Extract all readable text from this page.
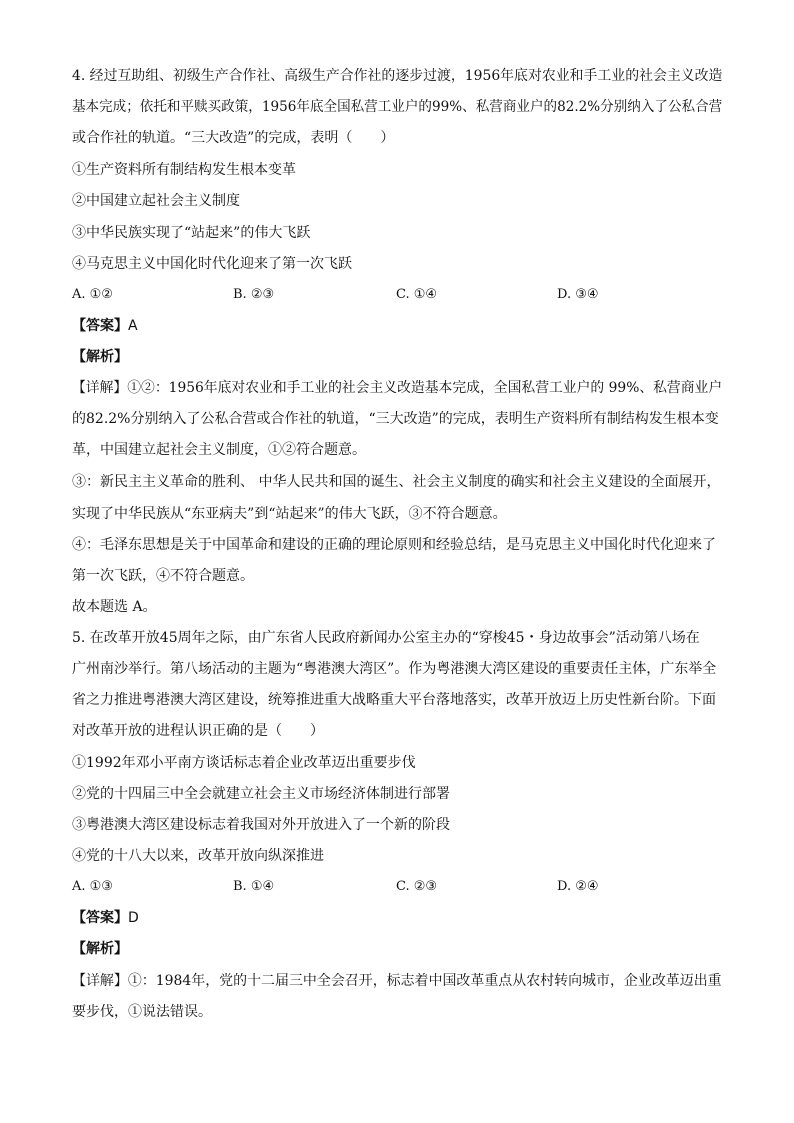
4. 经过互助组、初级生产合作社、高级生产合作社的逐步过渡，1956年底对农业和手工业的社会主义改造
基本完成；依托和平赎买政策，1956年底全国私营工业户的99%、私营商业户的82.2%分别纳入了公私合营
或合作社的轨道。“三大改造”的完成，表明（　　）
①生产资料所有制结构发生根本变革
②中国建立起社会主义制度
③中华民族实现了“站起来”的伟大飞跃
④马克思主义中国化时代化迎来了第一次飞跃
A. ①②	B. ②③	C. ①④	D. ③④
【答案】A
【解析】
【详解】①②：1956年底对农业和手工业的社会主义改造基本完成，全国私营工业户的 99%、私营商业户
的82.2%分别纳入了公私合营或合作社的轨道，“三大改造”的完成，表明生产资料所有制结构发生根本变
革，中国建立起社会主义制度，①②符合题意。
③：新民主主义革命的胜利、 中华人民共和国的诞生、社会主义制度的确实和社会主义建设的全面展开，
实现了中华民族从“东亚病夫”到“站起来”的伟大飞跃，③不符合题意。
④：毛泽东思想是关于中国革命和建设的正确的理论原则和经验总结，是马克思主义中国化时代化迎来了
第一次飞跃，④不符合题意。
故本题选 A。
5. 在改革开放45周年之际，由广东省人民政府新闻办公室主办的“穿梭45・身边故事会”活动第八场在
广州南沙举行。第八场活动的主题为“粤港澳大湾区”。作为粤港澳大湾区建设的重要责任主体，广东举全
省之力推进粤港澳大湾区建设，统筹推进重大战略重大平台落地落实，改革开放迈上历史性新台阶。下面
对改革开放的进程认识正确的是（　　）
①1992年邓小平南方谈话标志着企业改革迈出重要步伐
②党的十四届三中全会就建立社会主义市场经济体制进行部署
③粤港澳大湾区建设标志着我国对外开放进入了一个新的阶段
④党的十八大以来，改革开放向纵深推进
A. ①③	B. ①④	C. ②③	D. ②④
【答案】D
【解析】
【详解】①：1984年，党的十二届三中全会召开，标志着中国改革重点从农村转向城市，企业改革迈出重
要步伐，①说法错误。
